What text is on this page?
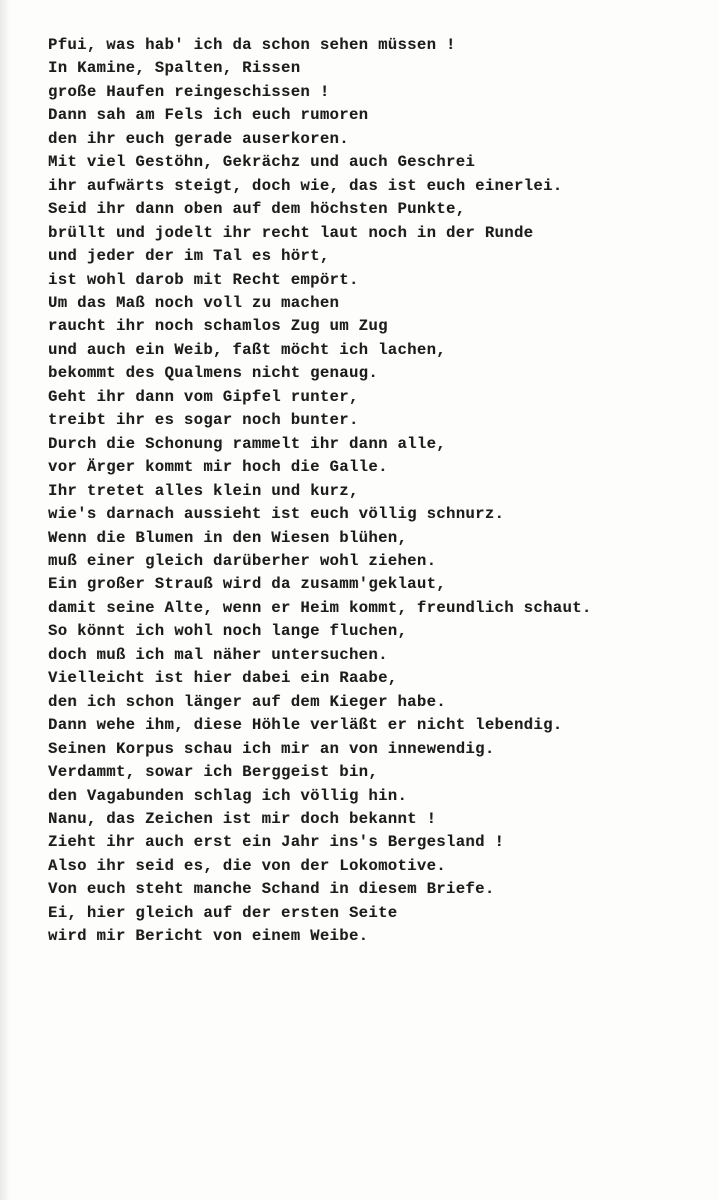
Pfui, was hab' ich da schon sehen müssen !
In Kamine, Spalten, Rissen
große Haufen reingeschissen !
Dann sah am Fels ich euch rumoren
den ihr euch gerade auserkoren.
Mit viel Gestöhn, Gekrächz und auch Geschrei
ihr aufwärts steigt, doch wie, das ist euch einerlei.
Seid ihr dann oben auf dem höchsten Punkte,
brüllt und jodelt ihr recht laut noch in der Runde
und jeder der im Tal es hört,
ist wohl darob mit Recht empört.
Um das Maß noch voll zu machen
raucht ihr noch schamlos Zug um Zug
und auch ein Weib, faßt möcht ich lachen,
bekommt des Qualmens nicht genaug.
Geht ihr dann vom Gipfel runter,
treibt ihr es sogar noch bunter.
Durch die Schonung rammelt ihr dann alle,
vor Ärger kommt mir hoch die Galle.
Ihr tretet alles klein und kurz,
wie's darnach aussieht ist euch völlig schnurz.
Wenn die Blumen in den Wiesen blühen,
muß einer gleich darüberher wohl ziehen.
Ein großer Strauß wird da zusamm'geklaut,
damit seine Alte, wenn er Heim kommt, freundlich schaut.
So könnt ich wohl noch lange fluchen,
doch muß ich mal näher untersuchen.
Vielleicht ist hier dabei ein Raabe,
den ich schon länger auf dem Kieger habe.
Dann wehe ihm, diese Höhle verläßt er nicht lebendig.
Seinen Korpus schau ich mir an von innewendig.
Verdammt, sowar ich Berggeist bin,
den Vagabunden schlag ich völlig hin.
Nanu, das Zeichen ist mir doch bekannt !
Zieht ihr auch erst ein Jahr ins's Bergesland !
Also ihr seid es, die von der Lokomotive.
Von euch steht manche Schand in diesem Briefe.
Ei, hier gleich auf der ersten Seite
wird mir Bericht von einem Weibe.
